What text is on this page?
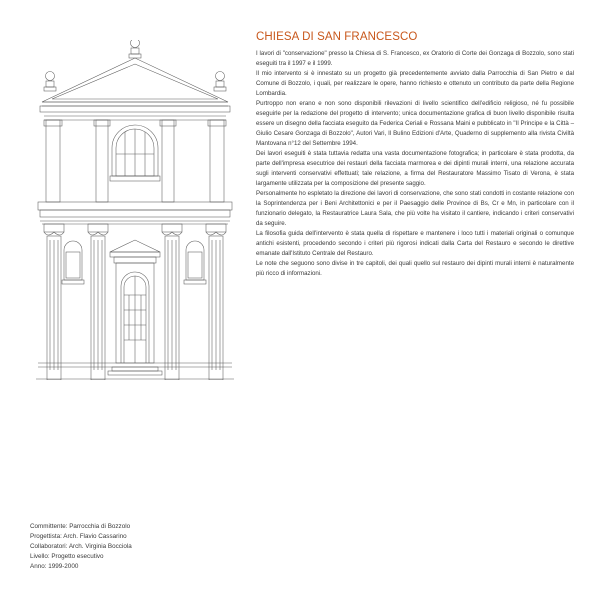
CHIESA DI SAN FRANCESCO

I lavori di "conservazione" presso la Chiesa di S. Francesco, ex Oratorio di Corte dei Gonzaga di Bozzolo, sono stati eseguiti tra il 1997 e il 1999.

Il mio intervento si è innestato su un progetto già precedentemente avviato dalla Parrocchia di San Pietro e dal Comune di Bozzolo, i quali, per realizzare le opere, hanno richiesto e ottenuto un contributo da parte della Regione Lombardia.

Purtroppo non erano e non sono disponibili rilevazioni di livello scientifico dell'edificio religioso, né fu possibile eseguirle per la redazione del progetto di intervento; unica documentazione grafica di buon livello disponibile risulta essere un disegno della facciata eseguito da Federica Ceriali e Rossana Maini e pubblicato in "Il Principe e la Città – Giulio Cesare Gonzaga di Bozzolo", Autori Vari, Il Bulino Edizioni d'Arte, Quaderno di supplemento alla rivista Civiltà Mantovana n°12 del Settembre 1994.

Dei lavori eseguiti è stata tuttavia redatta una vasta documentazione fotografica; in particolare è stata prodotta, da parte dell'impresa esecutrice dei restauri della facciata marmorea e dei dipinti murali interni, una relazione accurata sugli interventi conservativi effettuati; tale relazione, a firma del Restauratore Massimo Tisato di Verona, è stata largamente utilizzata per la composizione del presente saggio.

Personalmente ho espletato la direzione dei lavori di conservazione, che sono stati condotti in costante relazione con la Soprintendenza per i Beni Architettonici e per il Paesaggio delle Province di Bs, Cr e Mn, in particolare con il funzionario delegato, la Restauratrice Laura Sala, che più volte ha visitato il cantiere, indicando i criteri conservativi da seguire.

La filosofia guida dell'intervento è stata quella di rispettare e mantenere i loco tutti i materiali originali o comunque antichi esistenti, procedendo secondo i criteri più rigorosi indicati dalla Carta del Restauro e secondo le direttive emanate dall'Istituto Centrale del Restauro.

Le note che seguono sono divise in tre capitoli, dei quali quello sul restauro dei dipinti murali interni è naturalmente più ricco di informazioni.

Committente: Parrocchia di Bozzolo
Progettista: Arch. Flavio Cassarino
Collaboratori: Arch. Virginia Bocciola
Livello: Progetto esecutivo
Anno: 1999-2000
